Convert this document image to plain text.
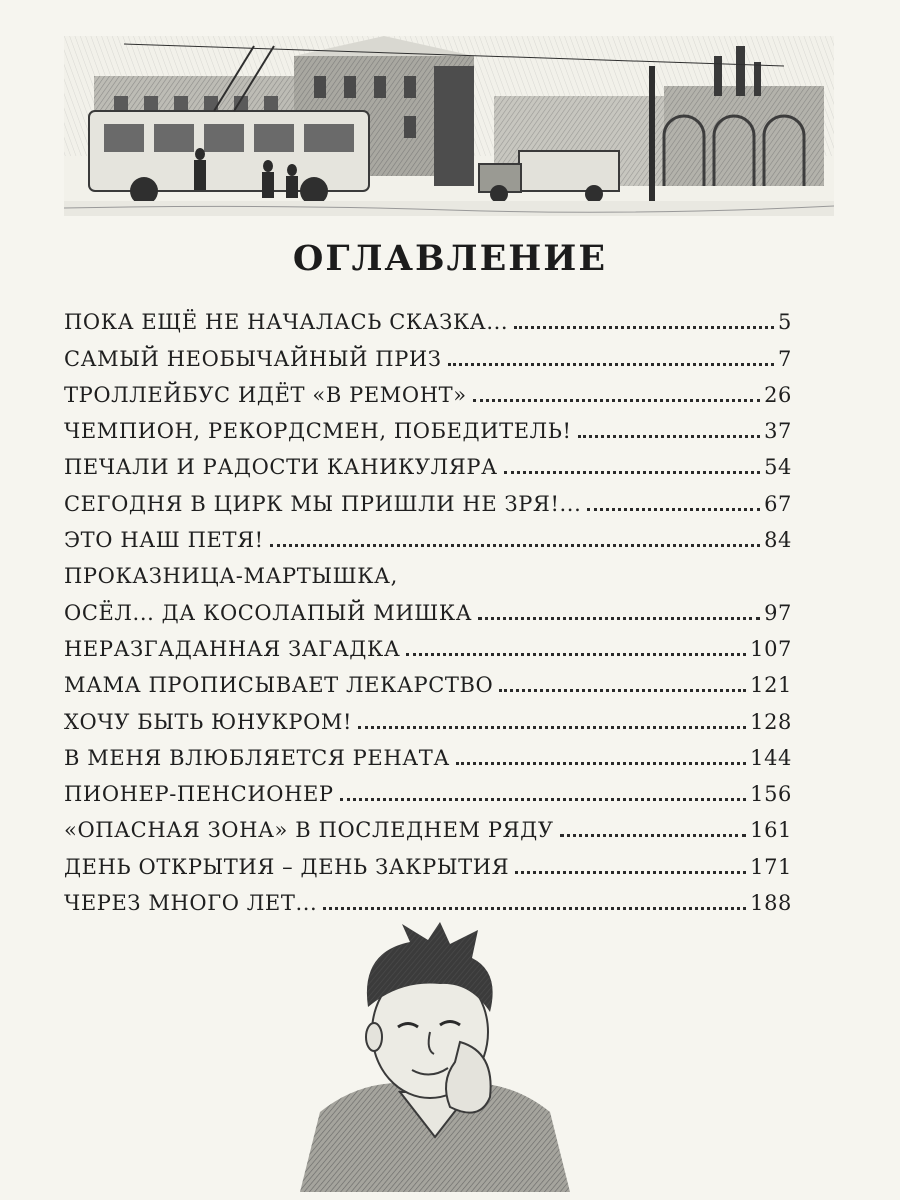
ОГЛАВЛЕНИЕ
ПОКА ЕЩЁ НЕ НАЧАЛАСЬ СКАЗКА...	5
САМЫЙ НЕОБЫЧАЙНЫЙ ПРИЗ	7
ТРОЛЛЕЙБУС ИДЁТ «В РЕМОНТ»	26
ЧЕМПИОН, РЕКОРДСМЕН, ПОБЕДИТЕЛЬ!	37
ПЕЧАЛИ И РАДОСТИ КАНИКУЛЯРА	54
СЕГОДНЯ В ЦИРК МЫ ПРИШЛИ НЕ ЗРЯ!...	67
ЭТО НАШ ПЕТЯ!	84
ПРОКАЗНИЦА-МАРТЫШКА,
ОСЁЛ... ДА КОСОЛАПЫЙ МИШКА	97
НЕРАЗГАДАННАЯ ЗАГАДКА	107
МАМА ПРОПИСЫВАЕТ ЛЕКАРСТВО	121
ХОЧУ БЫТЬ ЮНУКРОМ!	128
В МЕНЯ ВЛЮБЛЯЕТСЯ РЕНАТА	144
ПИОНЕР-ПЕНСИОНЕР	156
«ОПАСНАЯ ЗОНА» В ПОСЛЕДНЕМ РЯДУ	161
ДЕНЬ ОТКРЫТИЯ – ДЕНЬ ЗАКРЫТИЯ	171
ЧЕРЕЗ МНОГО ЛЕТ...	188
